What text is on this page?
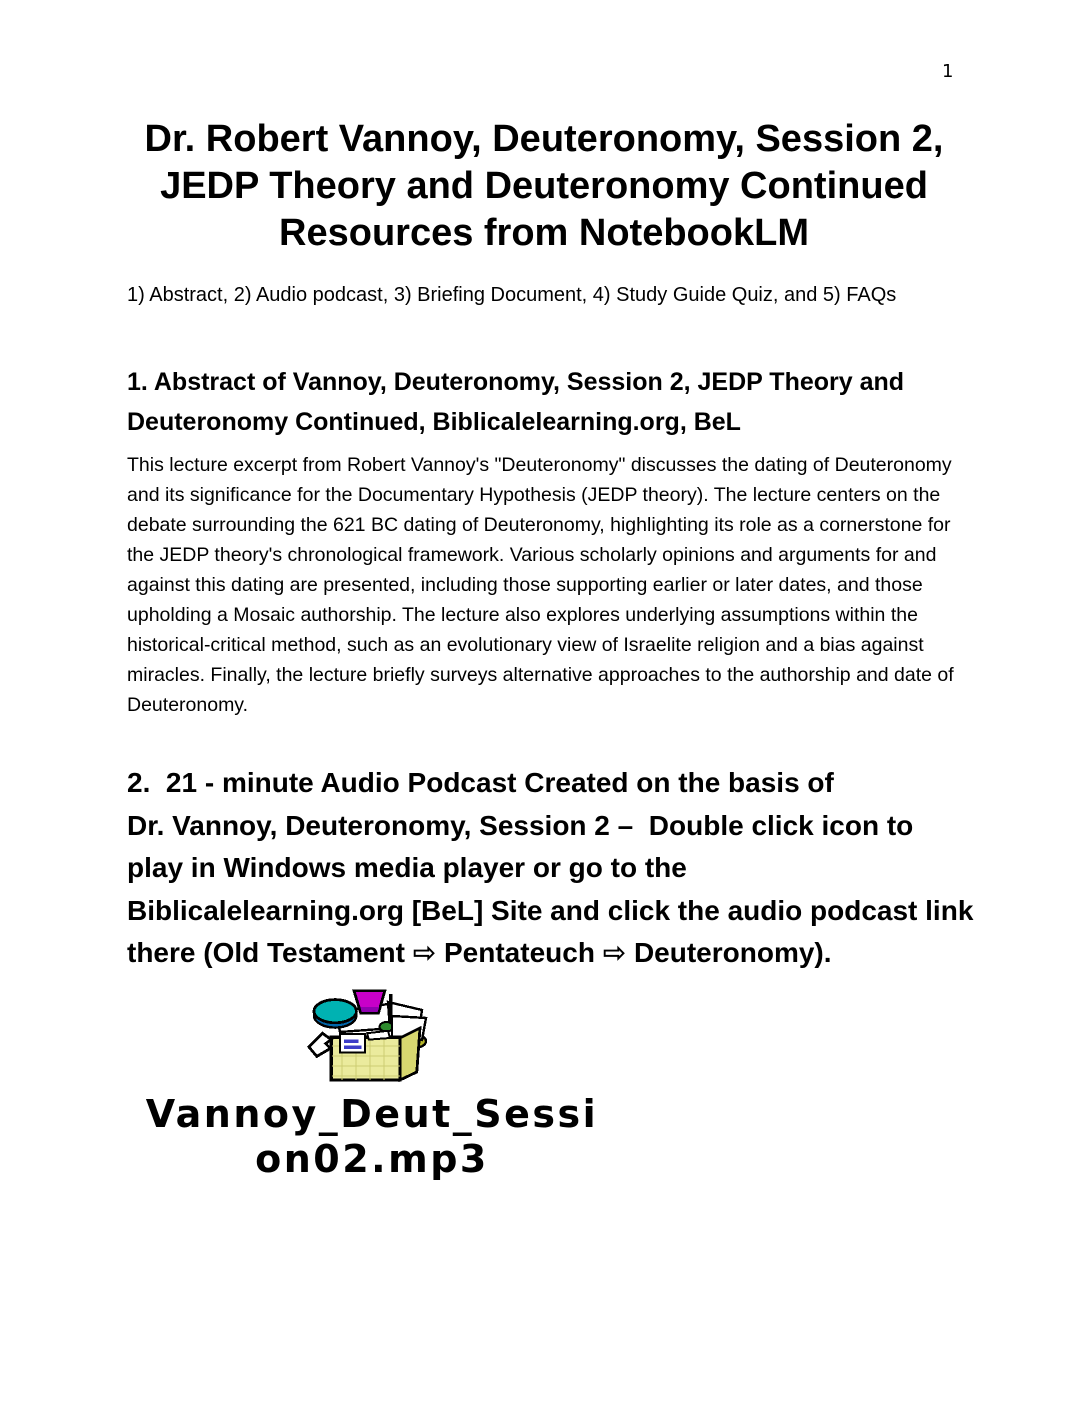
1
Dr. Robert Vannoy, Deuteronomy, Session 2,
JEDP Theory and Deuteronomy Continued
Resources from NotebookLM
1) Abstract, 2) Audio podcast, 3) Briefing Document, 4) Study Guide Quiz, and 5) FAQs
1. Abstract of Vannoy, Deuteronomy, Session 2, JEDP Theory and
Deuteronomy Continued, Biblicalelearning.org, BeL
This lecture excerpt from Robert Vannoy's "Deuteronomy" discusses the dating of Deuteronomy and its significance for the Documentary Hypothesis (JEDP theory). The lecture centers on the debate surrounding the 621 BC dating of Deuteronomy, highlighting its role as a cornerstone for the JEDP theory's chronological framework. Various scholarly opinions and arguments for and against this dating are presented, including those supporting earlier or later dates, and those upholding a Mosaic authorship. The lecture also explores underlying assumptions within the historical-critical method, such as an evolutionary view of Israelite religion and a bias against miracles. Finally, the lecture briefly surveys alternative approaches to the authorship and date of Deuteronomy.
2.  21 - minute Audio Podcast Created on the basis of
Dr. Vannoy, Deuteronomy, Session 2 –  Double click icon to
play in Windows media player or go to the
Biblicalelearning.org [BeL] Site and click the audio podcast link
there (Old Testament ⇨ Pentateuch ⇨ Deuteronomy).
Vannoy_Deut_Sessi
on02.mp3
